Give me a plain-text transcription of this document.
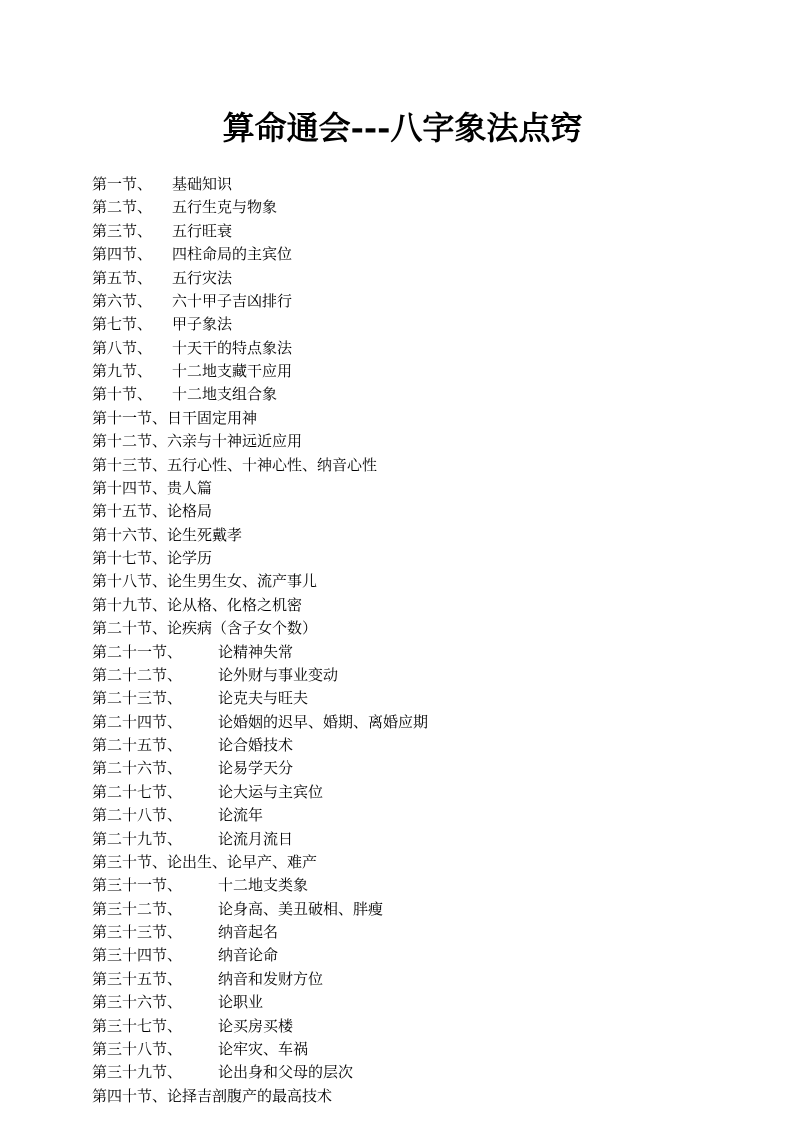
算命通会---八字象法点窍
第一节、 基础知识
第二节、 五行生克与物象
第三节、 五行旺衰
第四节、 四柱命局的主宾位
第五节、 五行灾法
第六节、 六十甲子吉凶排行
第七节、 甲子象法
第八节、 十天干的特点象法
第九节、 十二地支藏干应用
第十节、 十二地支组合象
第十一节、日干固定用神
第十二节、六亲与十神远近应用
第十三节、五行心性、十神心性、纳音心性
第十四节、贵人篇
第十五节、论格局
第十六节、论生死戴孝
第十七节、论学历
第十八节、论生男生女、流产事儿
第十九节、论从格、化格之机密
第二十节、论疾病（含子女个数）
第二十一节、 论精神失常
第二十二节、 论外财与事业变动
第二十三节、 论克夫与旺夫
第二十四节、 论婚姻的迟早、婚期、离婚应期
第二十五节、 论合婚技术
第二十六节、 论易学天分
第二十七节、 论大运与主宾位
第二十八节、 论流年
第二十九节、 论流月流日
第三十节、论出生、论早产、难产
第三十一节、 十二地支类象
第三十二节、 论身高、美丑破相、胖瘦
第三十三节、 纳音起名
第三十四节、 纳音论命
第三十五节、 纳音和发财方位
第三十六节、 论职业
第三十七节、 论买房买楼
第三十八节、 论牢灾、车祸
第三十九节、 论出身和父母的层次
第四十节、论择吉剖腹产的最高技术
